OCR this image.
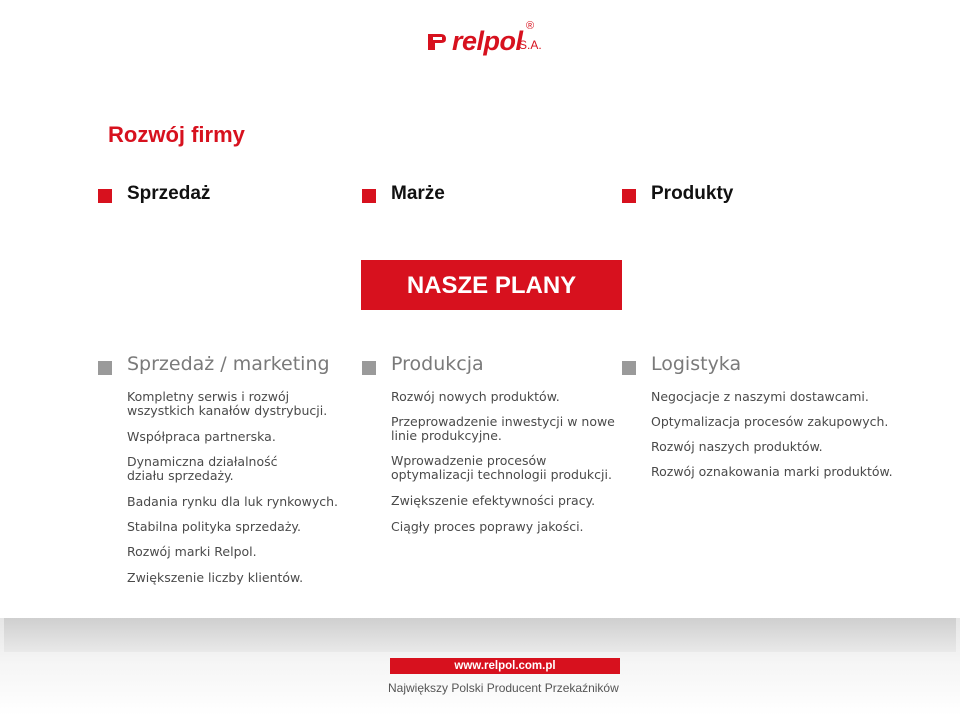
relpol ®
S.A.
Rozwój firmy
Sprzedaż	Marże	Produkty
NASZE PLANY
Sprzedaż / marketing	Produkcja	Logistyka
Kompletny serwis i rozwój
wszystkich kanałów dystrybucji.
Współpraca partnerska.
Dynamiczna działalność
działu sprzedaży.
Badania rynku dla luk rynkowych.
Stabilna polityka sprzedaży.
Rozwój marki Relpol.
Zwiększenie liczby klientów.
Rozwój nowych produktów.
Przeprowadzenie inwestycji w nowe
linie produkcyjne.
Wprowadzenie procesów
optymalizacji technologii produkcji.
Zwiększenie efektywności pracy.
Ciągły proces poprawy jakości.
Negocjacje z naszymi dostawcami.
Optymalizacja procesów zakupowych.
Rozwój naszych produktów.
Rozwój oznakowania marki produktów.
www.relpol.com.pl
Największy Polski Producent Przekaźników
